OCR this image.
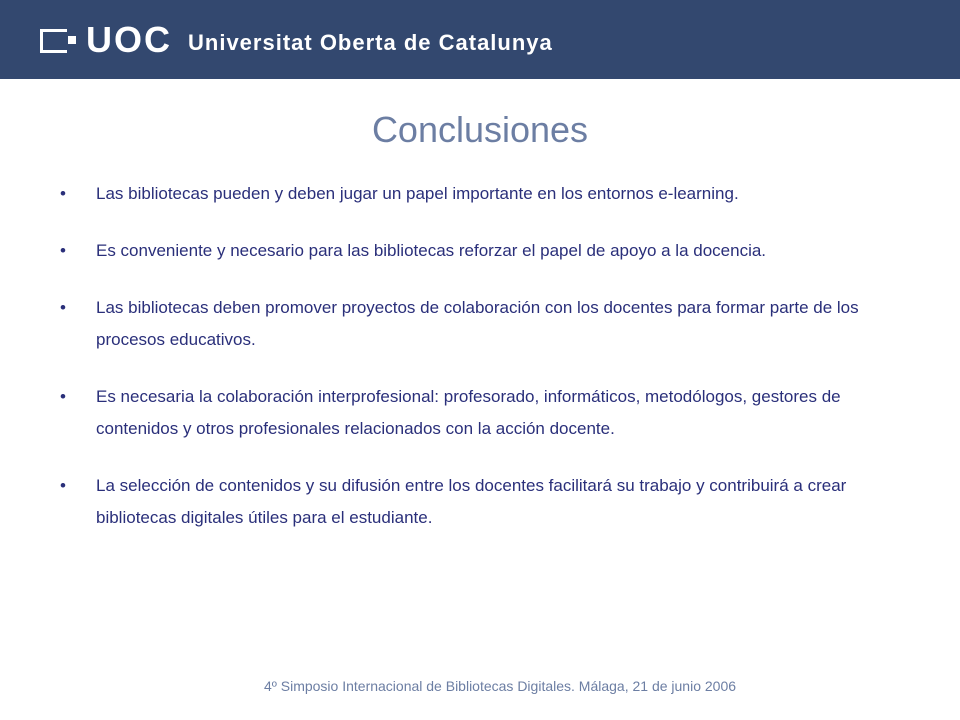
UOC Universitat Oberta de Catalunya
Conclusiones
•	Las bibliotecas pueden y deben jugar un papel importante en los entornos e-learning.
•	Es conveniente y necesario para las bibliotecas reforzar el papel de apoyo a la docencia.
•	Las bibliotecas deben promover proyectos de colaboración con los docentes para formar parte de los procesos educativos.
•	Es necesaria la colaboración interprofesional: profesorado, informáticos, metodólogos, gestores de contenidos y otros profesionales relacionados con la acción docente.
•	La selección de contenidos y su difusión entre los docentes facilitará su trabajo y contribuirá a crear bibliotecas digitales útiles para el estudiante.
4º Simposio Internacional de Bibliotecas Digitales. Málaga, 21 de junio 2006
